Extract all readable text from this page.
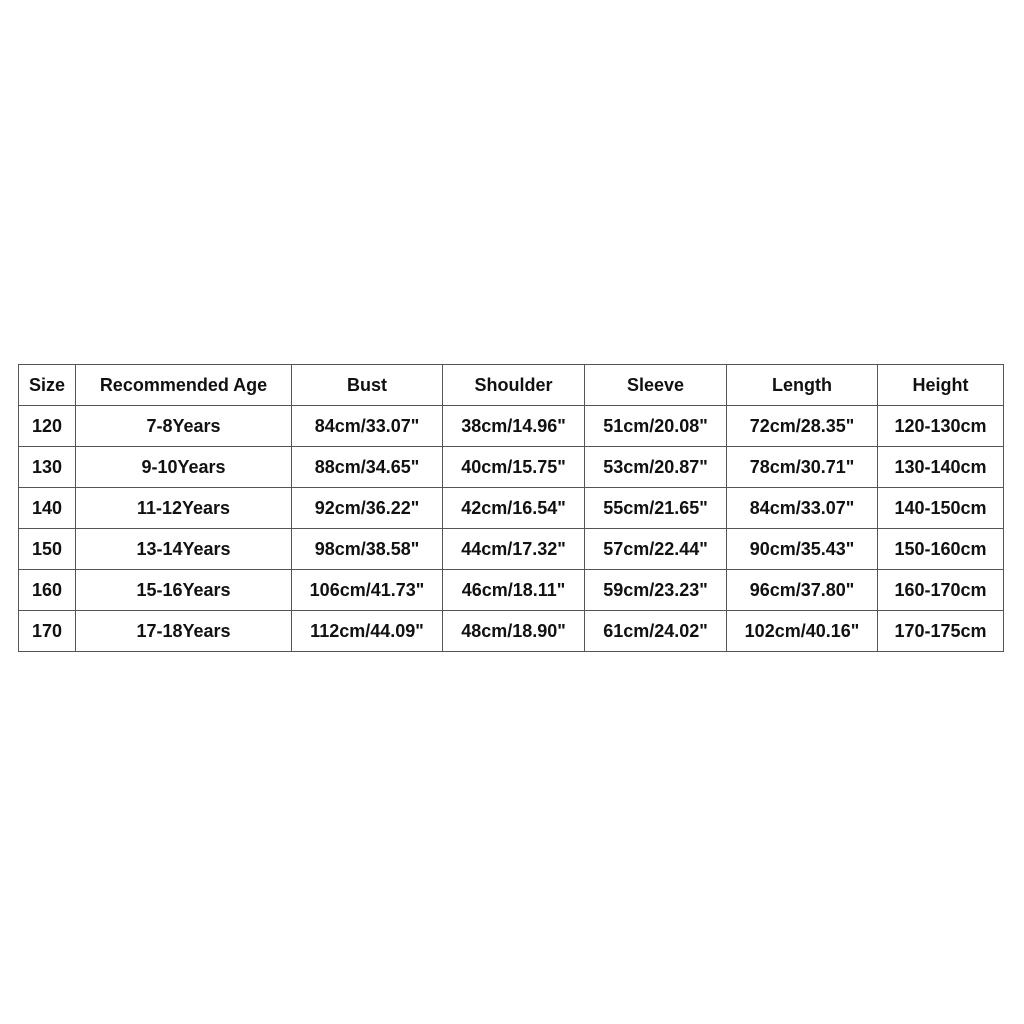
Size	Recommended Age	Bust	Shoulder	Sleeve	Length	Height
120	7-8Years	84cm/33.07"	38cm/14.96"	51cm/20.08"	72cm/28.35"	120-130cm
130	9-10Years	88cm/34.65"	40cm/15.75"	53cm/20.87"	78cm/30.71"	130-140cm
140	11-12Years	92cm/36.22"	42cm/16.54"	55cm/21.65"	84cm/33.07"	140-150cm
150	13-14Years	98cm/38.58"	44cm/17.32"	57cm/22.44"	90cm/35.43"	150-160cm
160	15-16Years	106cm/41.73"	46cm/18.11"	59cm/23.23"	96cm/37.80"	160-170cm
170	17-18Years	112cm/44.09"	48cm/18.90"	61cm/24.02"	102cm/40.16"	170-175cm
